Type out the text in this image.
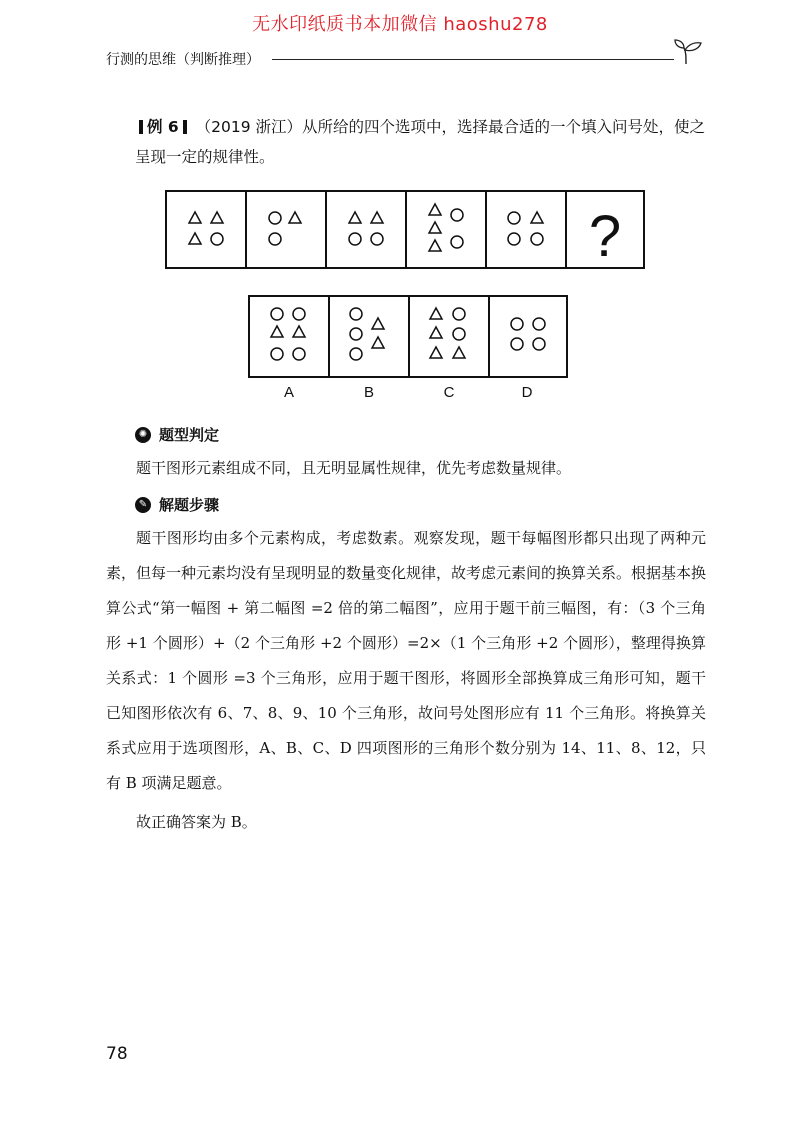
无水印纸质书本加微信 haoshu278
行测的思维（判断推理）
例 6 （2019 浙江）从所给的四个选项中，选择最合适的一个填入问号处，使之呈现一定的规律性。
?
A	B	C	D
✺ 题型判定
题干图形元素组成不同，且无明显属性规律，优先考虑数量规律。
✎ 解题步骤
题干图形均由多个元素构成，考虑数素。观察发现，题干每幅图形都只出现了两种元素，但每一种元素均没有呈现明显的数量变化规律，故考虑元素间的换算关系。根据基本换算公式“第一幅图 + 第二幅图 =2 倍的第二幅图”，应用于题干前三幅图，有：（3 个三角形 +1 个圆形）+（2 个三角形 +2 个圆形）=2×（1 个三角形 +2 个圆形），整理得换算关系式：1 个圆形 =3 个三角形，应用于题干图形，将圆形全部换算成三角形可知，题干已知图形依次有 6、7、8、9、10 个三角形，故问号处图形应有 11 个三角形。将换算关系式应用于选项图形，A、B、C、D 四项图形的三角形个数分别为 14、11、8、12，只有 B 项满足题意。
故正确答案为 B。
78
